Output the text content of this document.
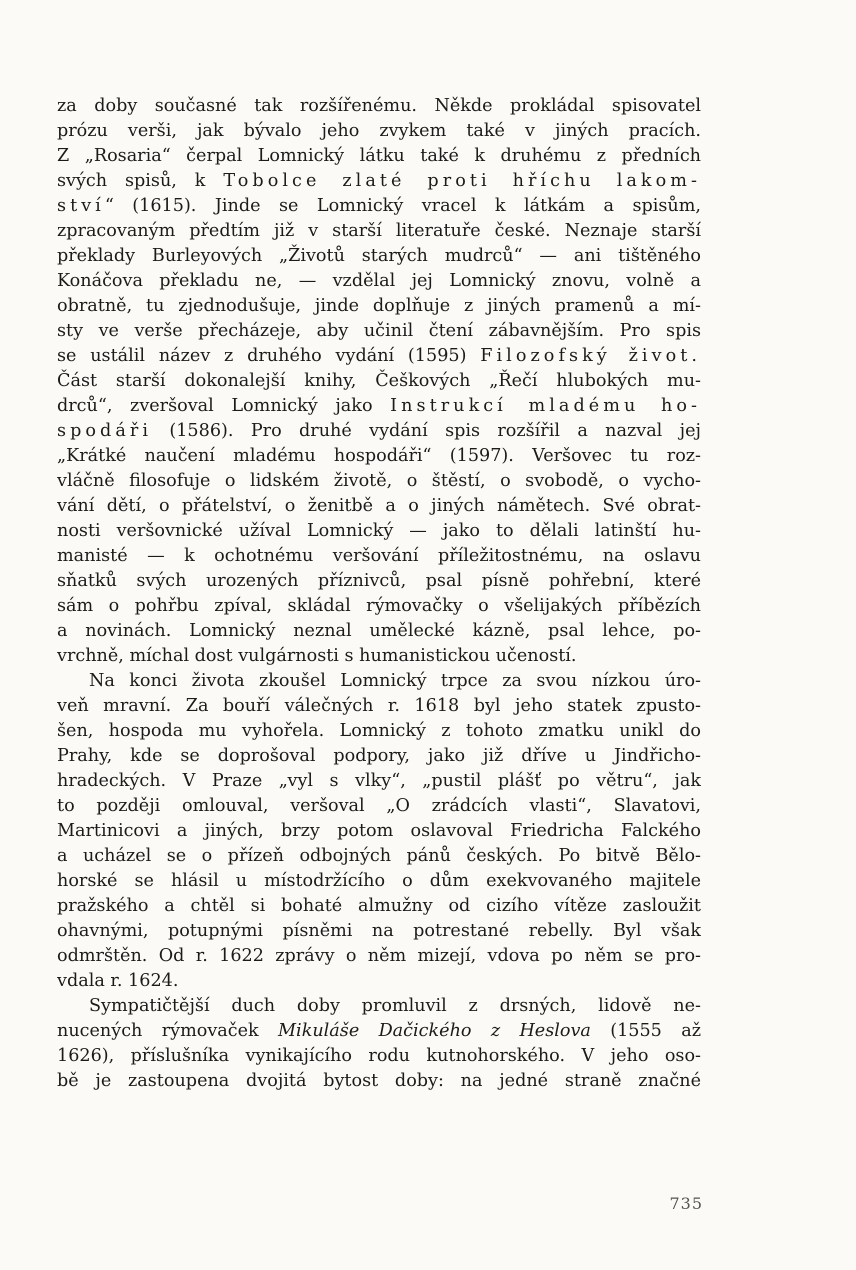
za doby současné tak rozšířenému. Někde prokládal spisovatel
prózu verši, jak bývalo jeho zvykem také v jiných pracích.
Z „Rosaria“ čerpal Lomnický látku také k druhému z předních
svých spisů, k Tobolce zlaté proti hříchu lakom-
ství“ (1615). Jinde se Lomnický vracel k látkám a spisům,
zpracovaným předtím již v starší literatuře české. Neznaje starší
překlady Burleyových „Životů starých mudrců“ — ani tištěného
Konáčova překladu ne, — vzdělal jej Lomnický znovu, volně a
obratně, tu zjednodušuje, jinde doplňuje z jiných pramenů a mí-
sty ve verše přecházeje, aby učinil čtení zábavnějším. Pro spis
se ustálil název z druhého vydání (1595) Filozofský život.
Část starší dokonalejší knihy, Češkových „Řečí hlubokých mu-
drců“, zveršoval Lomnický jako Instrukcí mladému ho-
spodáři (1586). Pro druhé vydání spis rozšířil a nazval jej
„Krátké naučení mladému hospodáři“ (1597). Veršovec tu roz-
vláčně filosofuje o lidském životě, o štěstí, o svobodě, o vycho-
vání dětí, o přátelství, o ženitbě a o jiných námětech. Své obrat-
nosti veršovnické užíval Lomnický — jako to dělali latinští hu-
manisté — k ochotnému veršování příležitostnému, na oslavu
sňatků svých urozených příznivců, psal písně pohřební, které
sám o pohřbu zpíval, skládal rýmovačky o všelijakých příbězích
a novinách. Lomnický neznal umělecké kázně, psal lehce, po-
vrchně, míchal dost vulgárnosti s humanistickou učeností.
Na konci života zkoušel Lomnický trpce za svou nízkou úro-
veň mravní. Za bouří válečných r. 1618 byl jeho statek zpusto-
šen, hospoda mu vyhořela. Lomnický z tohoto zmatku unikl do
Prahy, kde se doprošoval podpory, jako již dříve u Jindřicho-
hradeckých. V Praze „vyl s vlky“, „pustil plášť po větru“, jak
to později omlouval, veršoval „O zrádcích vlasti“, Slavatovi,
Martinicovi a jiných, brzy potom oslavoval Friedricha Falckého
a ucházel se o přízeň odbojných pánů českých. Po bitvě Bělo-
horské se hlásil u místodržícího o dům exekvovaného majitele
pražského a chtěl si bohaté almužny od cizího vítěze zasloužit
ohavnými, potupnými písněmi na potrestané rebelly. Byl však
odmrštěn. Od r. 1622 zprávy o něm mizejí, vdova po něm se pro-
vdala r. 1624.
Sympatičtější duch doby promluvil z drsných, lidově ne-
nucených rýmovaček Mikuláše Dačického z Heslova (1555 až
1626), příslušníka vynikajícího rodu kutnohorského. V jeho oso-
bě je zastoupena dvojitá bytost doby: na jedné straně značné
735
